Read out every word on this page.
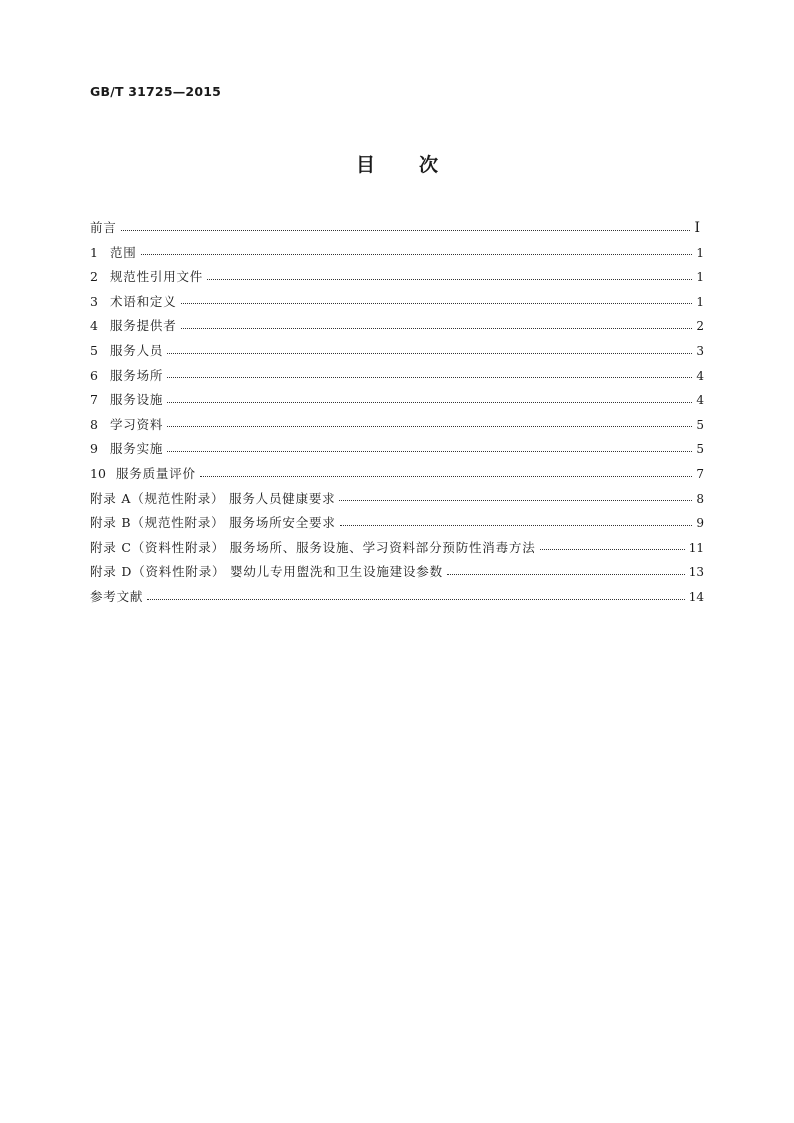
GB/T 31725—2015
目 次
前言	Ⅰ
1 范围	1
2 规范性引用文件	1
3 术语和定义	1
4 服务提供者	2
5 服务人员	3
6 服务场所	4
7 服务设施	4
8 学习资料	5
9 服务实施	5
10 服务质量评价	7
附录 A（规范性附录） 服务人员健康要求	8
附录 B（规范性附录） 服务场所安全要求	9
附录 C（资料性附录） 服务场所、服务设施、学习资料部分预防性消毒方法	11
附录 D（资料性附录） 婴幼儿专用盥洗和卫生设施建设参数	13
参考文献	14
